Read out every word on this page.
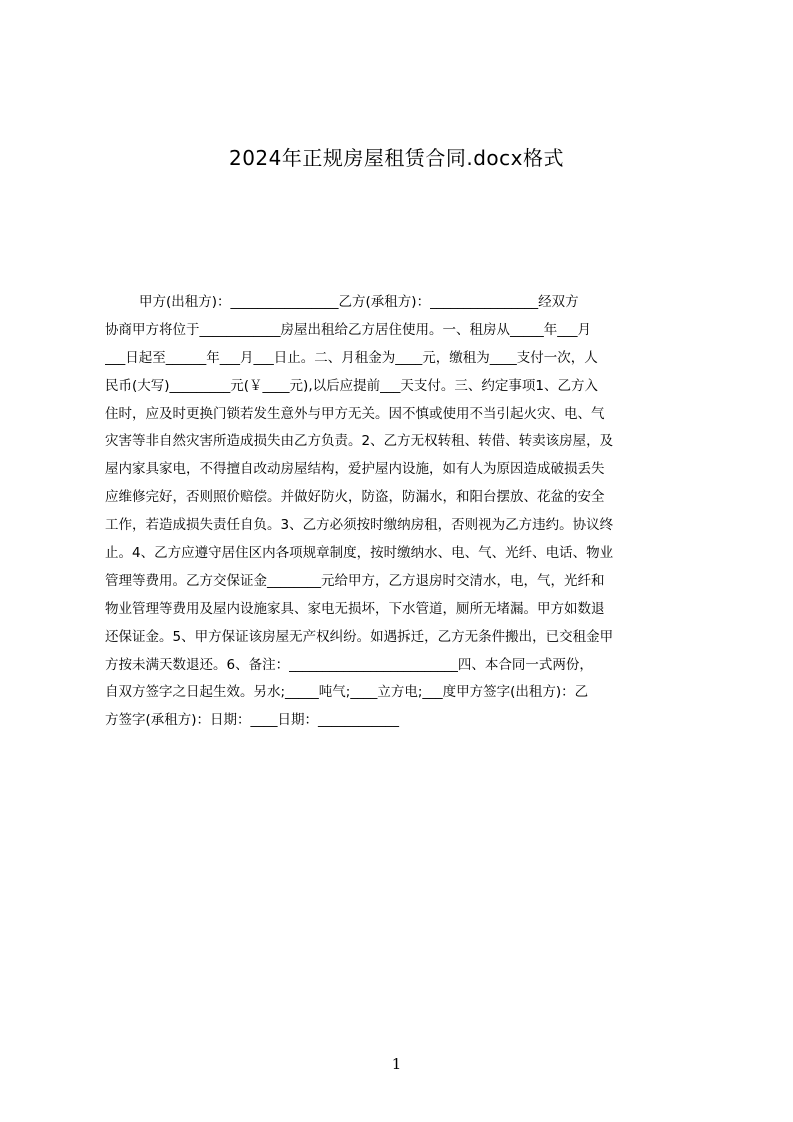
2024年正规房屋租赁合同.docx格式
甲方(出租方)：________________乙方(承租方)：________________经双方
协商甲方将位于____________房屋出租给乙方居住使用。一、租房从_____年___月
___日起至______年___月___日止。二、月租金为____元，缴租为____支付一次，人
民币(大写)_________元(￥____元),以后应提前___天支付。三、约定事项1、乙方入
住时，应及时更换门锁若发生意外与甲方无关。因不慎或使用不当引起火灾、电、气
灾害等非自然灾害所造成损失由乙方负责。2、乙方无权转租、转借、转卖该房屋，及
屋内家具家电，不得擅自改动房屋结构，爱护屋内设施，如有人为原因造成破损丢失
应维修完好，否则照价赔偿。并做好防火，防盗，防漏水，和阳台摆放、花盆的安全
工作，若造成损失责任自负。3、乙方必须按时缴纳房租，否则视为乙方违约。协议终
止。4、乙方应遵守居住区内各项规章制度，按时缴纳水、电、气、光纤、电话、物业
管理等费用。乙方交保证金________元给甲方，乙方退房时交清水，电，气，光纤和
物业管理等费用及屋内设施家具、家电无损坏，下水管道，厕所无堵漏。甲方如数退
还保证金。5、甲方保证该房屋无产权纠纷。如遇拆迁，乙方无条件搬出，已交租金甲
方按未满天数退还。6、备注：_________________________四、本合同一式两份，
自双方签字之日起生效。另水;_____吨气;____立方电;___度甲方签字(出租方)：乙
方签字(承租方)：日期：____日期：____________
1
